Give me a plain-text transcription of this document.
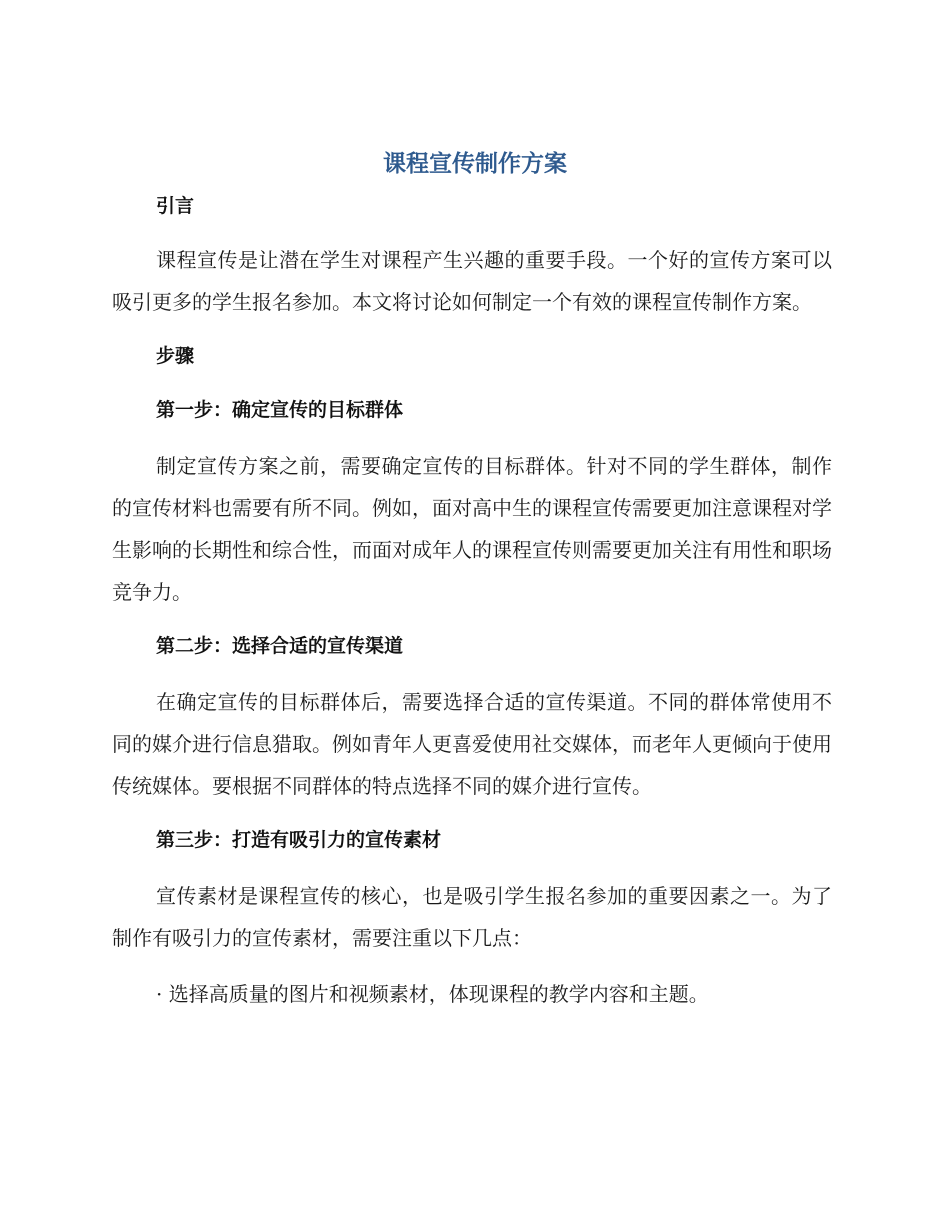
课程宣传制作方案

引言

课程宣传是让潜在学生对课程产生兴趣的重要手段。一个好的宣传方案可以吸引更多的学生报名参加。本文将讨论如何制定一个有效的课程宣传制作方案。

步骤

第一步：确定宣传的目标群体

制定宣传方案之前，需要确定宣传的目标群体。针对不同的学生群体，制作的宣传材料也需要有所不同。例如，面对高中生的课程宣传需要更加注意课程对学生影响的长期性和综合性，而面对成年人的课程宣传则需要更加关注有用性和职场竞争力。

第二步：选择合适的宣传渠道

在确定宣传的目标群体后，需要选择合适的宣传渠道。不同的群体常使用不同的媒介进行信息猎取。例如青年人更喜爱使用社交媒体，而老年人更倾向于使用传统媒体。要根据不同群体的特点选择不同的媒介进行宣传。

第三步：打造有吸引力的宣传素材

宣传素材是课程宣传的核心，也是吸引学生报名参加的重要因素之一。为了制作有吸引力的宣传素材，需要注重以下几点：

· 选择高质量的图片和视频素材，体现课程的教学内容和主题。
